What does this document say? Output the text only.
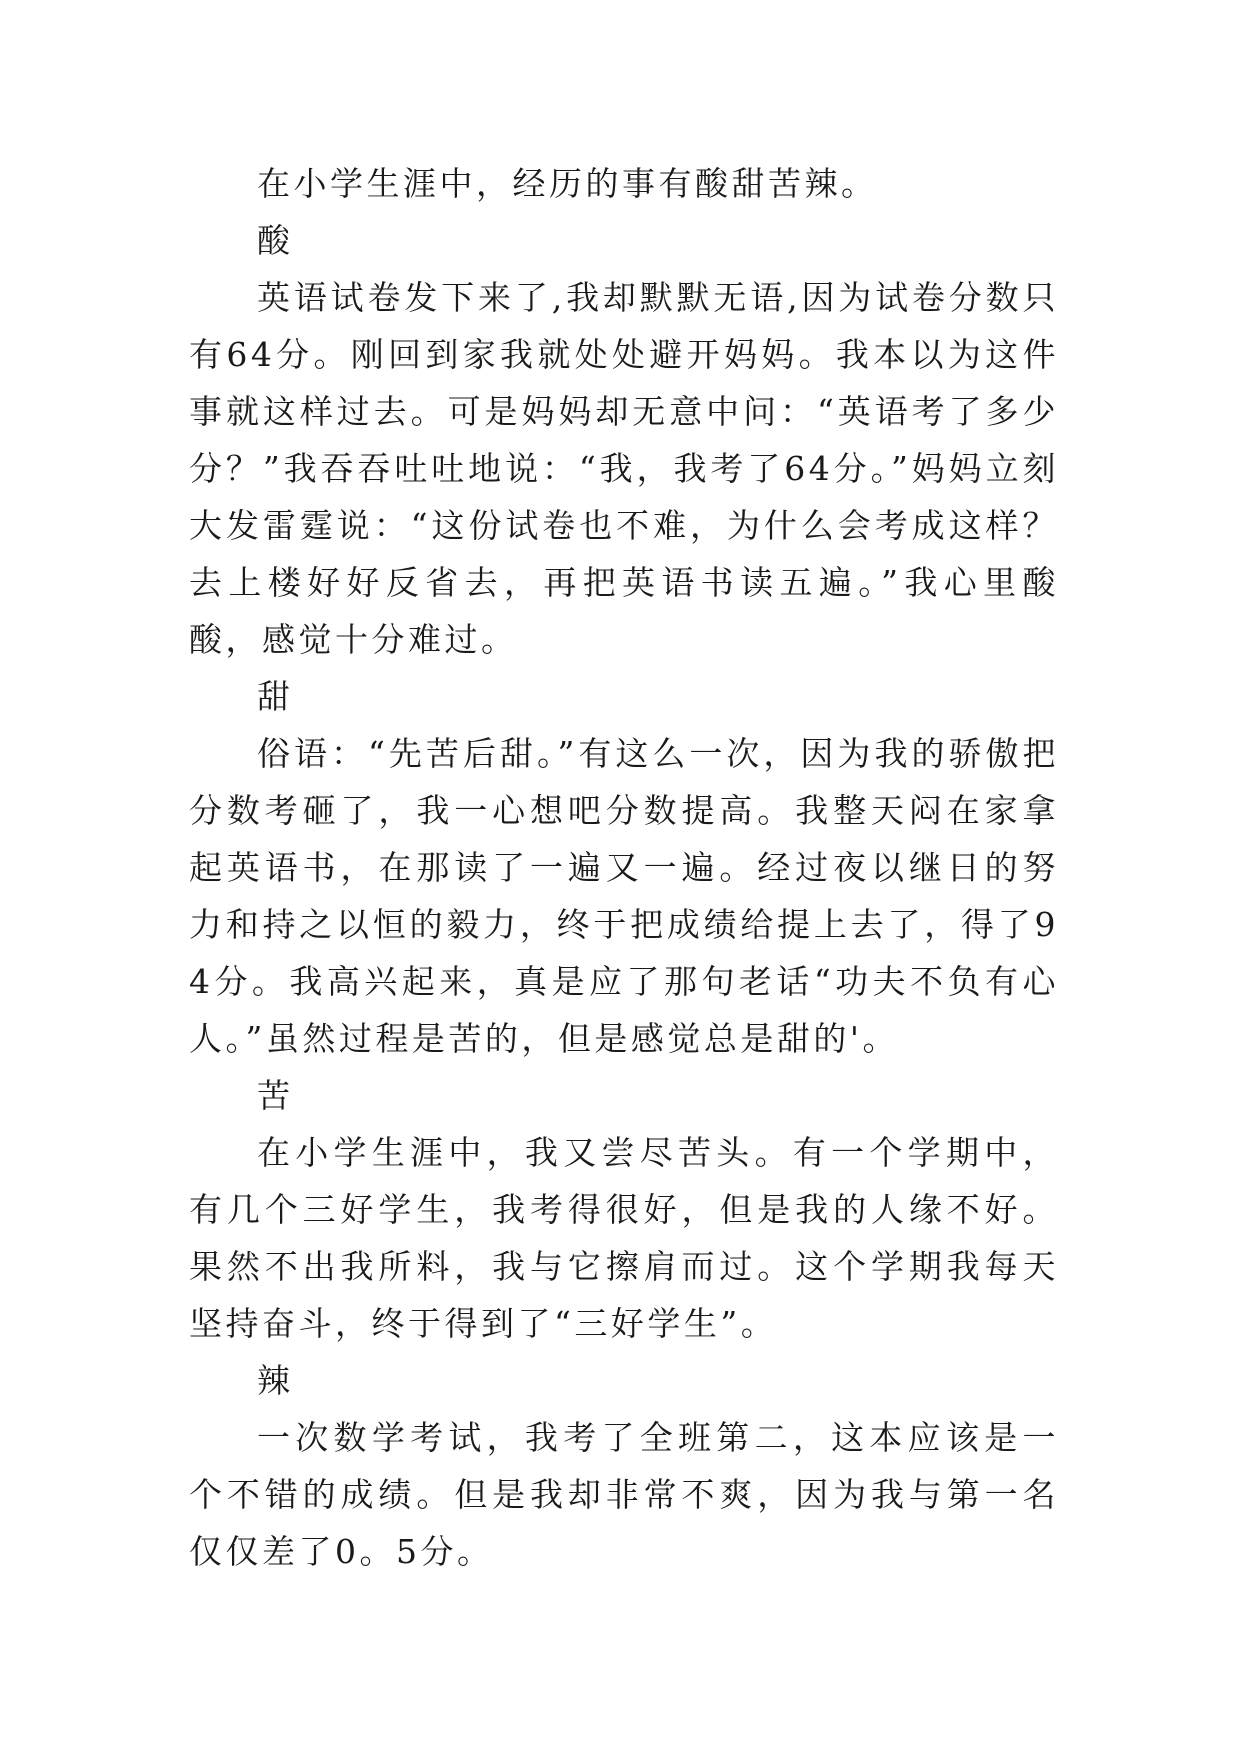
在小学生涯中，经历的事有酸甜苦辣。

酸

英语试卷发下来了,我却默默无语,因为试卷分数只有64分。刚回到家我就处处避开妈妈。我本以为这件事就这样过去。可是妈妈却无意中问：“英语考了多少分？”我吞吞吐吐地说：“我，我考了64分。”妈妈立刻大发雷霆说：“这份试卷也不难，为什么会考成这样？去上楼好好反省去，再把英语书读五遍。”我心里酸酸，感觉十分难过。

甜

俗语：“先苦后甜。”有这么一次，因为我的骄傲把分数考砸了，我一心想吧分数提高。我整天闷在家拿起英语书，在那读了一遍又一遍。经过夜以继日的努力和持之以恒的毅力，终于把成绩给提上去了，得了94分。我高兴起来，真是应了那句老话“功夫不负有心人。”虽然过程是苦的，但是感觉总是甜的'。

苦

在小学生涯中，我又尝尽苦头。有一个学期中，有几个三好学生，我考得很好，但是我的人缘不好。果然不出我所料，我与它擦肩而过。这个学期我每天坚持奋斗，终于得到了“三好学生”。

辣

一次数学考试，我考了全班第二，这本应该是一个不错的成绩。但是我却非常不爽，因为我与第一名仅仅差了0。5分。
